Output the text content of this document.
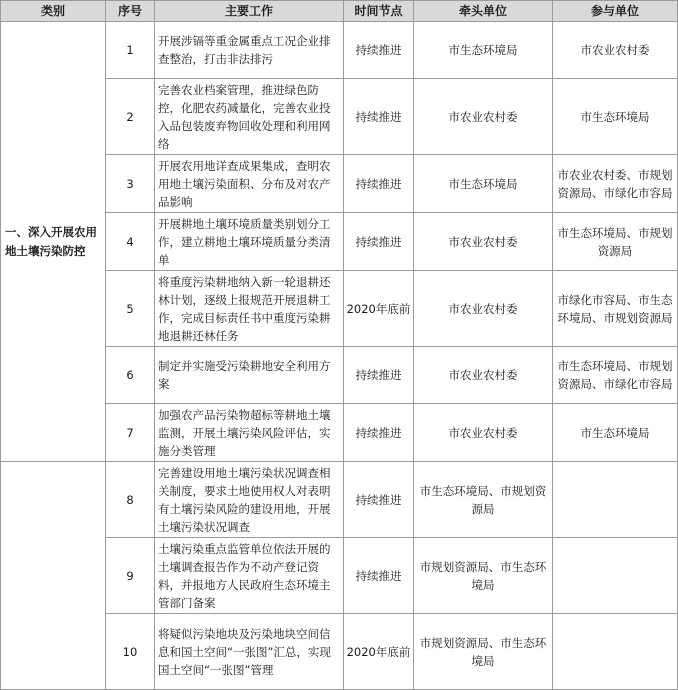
类别	序号	主要工作	时间节点	牵头单位	参与单位
一、深入开展农用地土壤污染防控	1	开展涉镉等重金属重点工况企业排查整治，打击非法排污	持续推进	市生态环境局	市农业农村委
	2	完善农业档案管理，推进绿色防控，化肥农药减量化，完善农业投入品包装废弃物回收处理和利用网络	持续推进	市农业农村委	市生态环境局
	3	开展农用地详查成果集成，查明农用地土壤污染面积、分布及对农产品影响	持续推进	市生态环境局	市农业农村委、市规划资源局、市绿化市容局
	4	开展耕地土壤环境质量类别划分工作，建立耕地土壤环境质量分类清单	持续推进	市农业农村委	市生态环境局、市规划资源局
	5	将重度污染耕地纳入新一轮退耕还林计划，逐级上报规范开展退耕工作，完成目标责任书中重度污染耕地退耕还林任务	2020年底前	市农业农村委	市绿化市容局、市生态环境局、市规划资源局
	6	制定并实施受污染耕地安全利用方案	持续推进	市农业农村委	市生态环境局、市规划资源局、市绿化市容局
	7	加强农产品污染物超标等耕地土壤监测，开展土壤污染风险评估，实施分类管理	持续推进	市农业农村委	市生态环境局
	8	完善建设用地土壤污染状况调查相关制度，要求土地使用权人对表明有土壤污染风险的建设用地，开展土壤污染状况调查	持续推进	市生态环境局、市规划资源局	
	9	土壤污染重点监管单位依法开展的土壤调查报告作为不动产登记资料，并报地方人民政府生态环境主管部门备案	持续推进	市规划资源局、市生态环境局	
	10	将疑似污染地块及污染地块空间信息和国土空间“一张图”汇总，实现国土空间“一张图”管理	2020年底前	市规划资源局、市生态环境局	
